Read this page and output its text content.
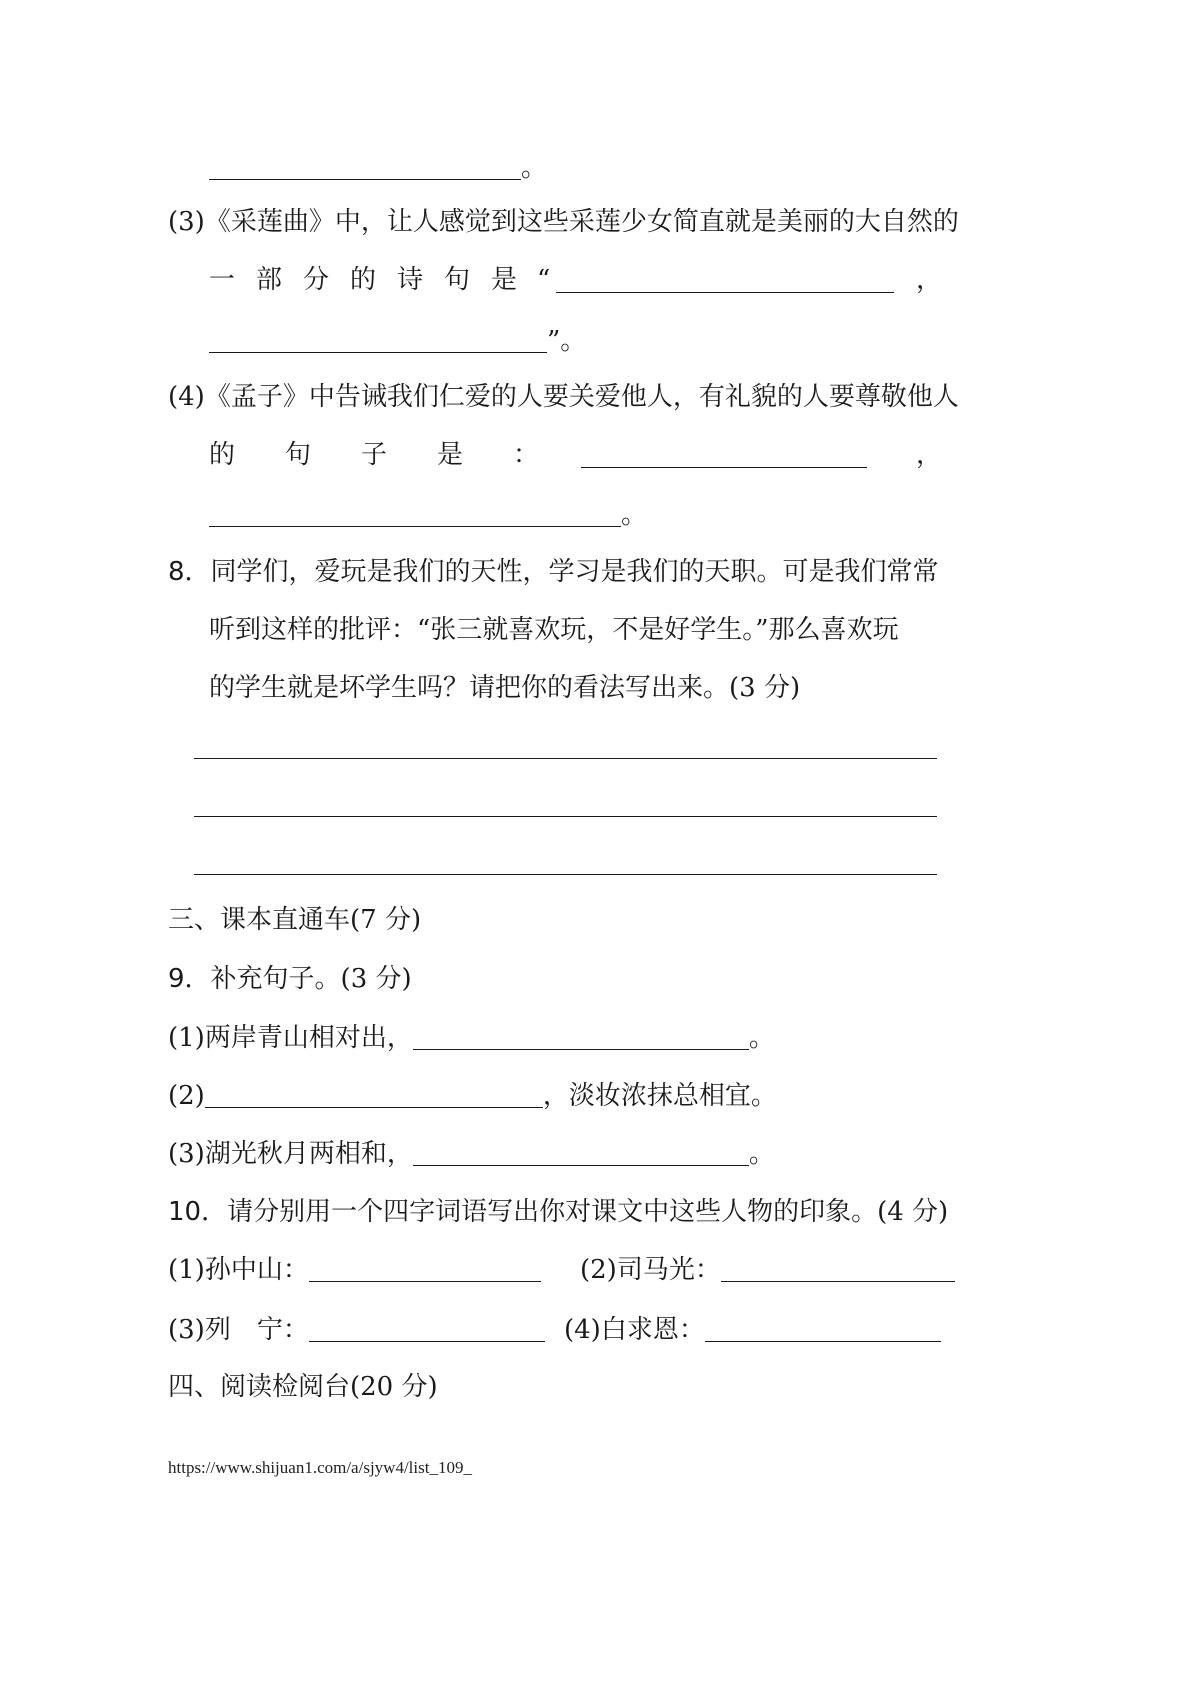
。
(3)《采莲曲》中，让人感觉到这些采莲少女简直就是美丽的大自然的
一 部 分 的 诗 句 是 “	，
”。
(4)《孟子》中告诫我们仁爱的人要关爱他人，有礼貌的人要尊敬他人
的 句 子 是 ：	，
。
8．同学们，爱玩是我们的天性，学习是我们的天职。可是我们常常
听到这样的批评：“张三就喜欢玩，不是好学生。”那么喜欢玩
的学生就是坏学生吗？请把你的看法写出来。(3 分)
三、课本直通车(7 分)
9．补充句子。(3 分)
(1)两岸青山相对出，	。
(2)	，淡妆浓抹总相宜。
(3)湖光秋月两相和，	。
10．请分别用一个四字词语写出你对课文中这些人物的印象。(4 分)
(1)孙中山：	(2)司马光：
(3)列　宁：	(4)白求恩：
四、阅读检阅台(20 分)
https://www.shijuan1.com/a/sjyw4/list_109_
